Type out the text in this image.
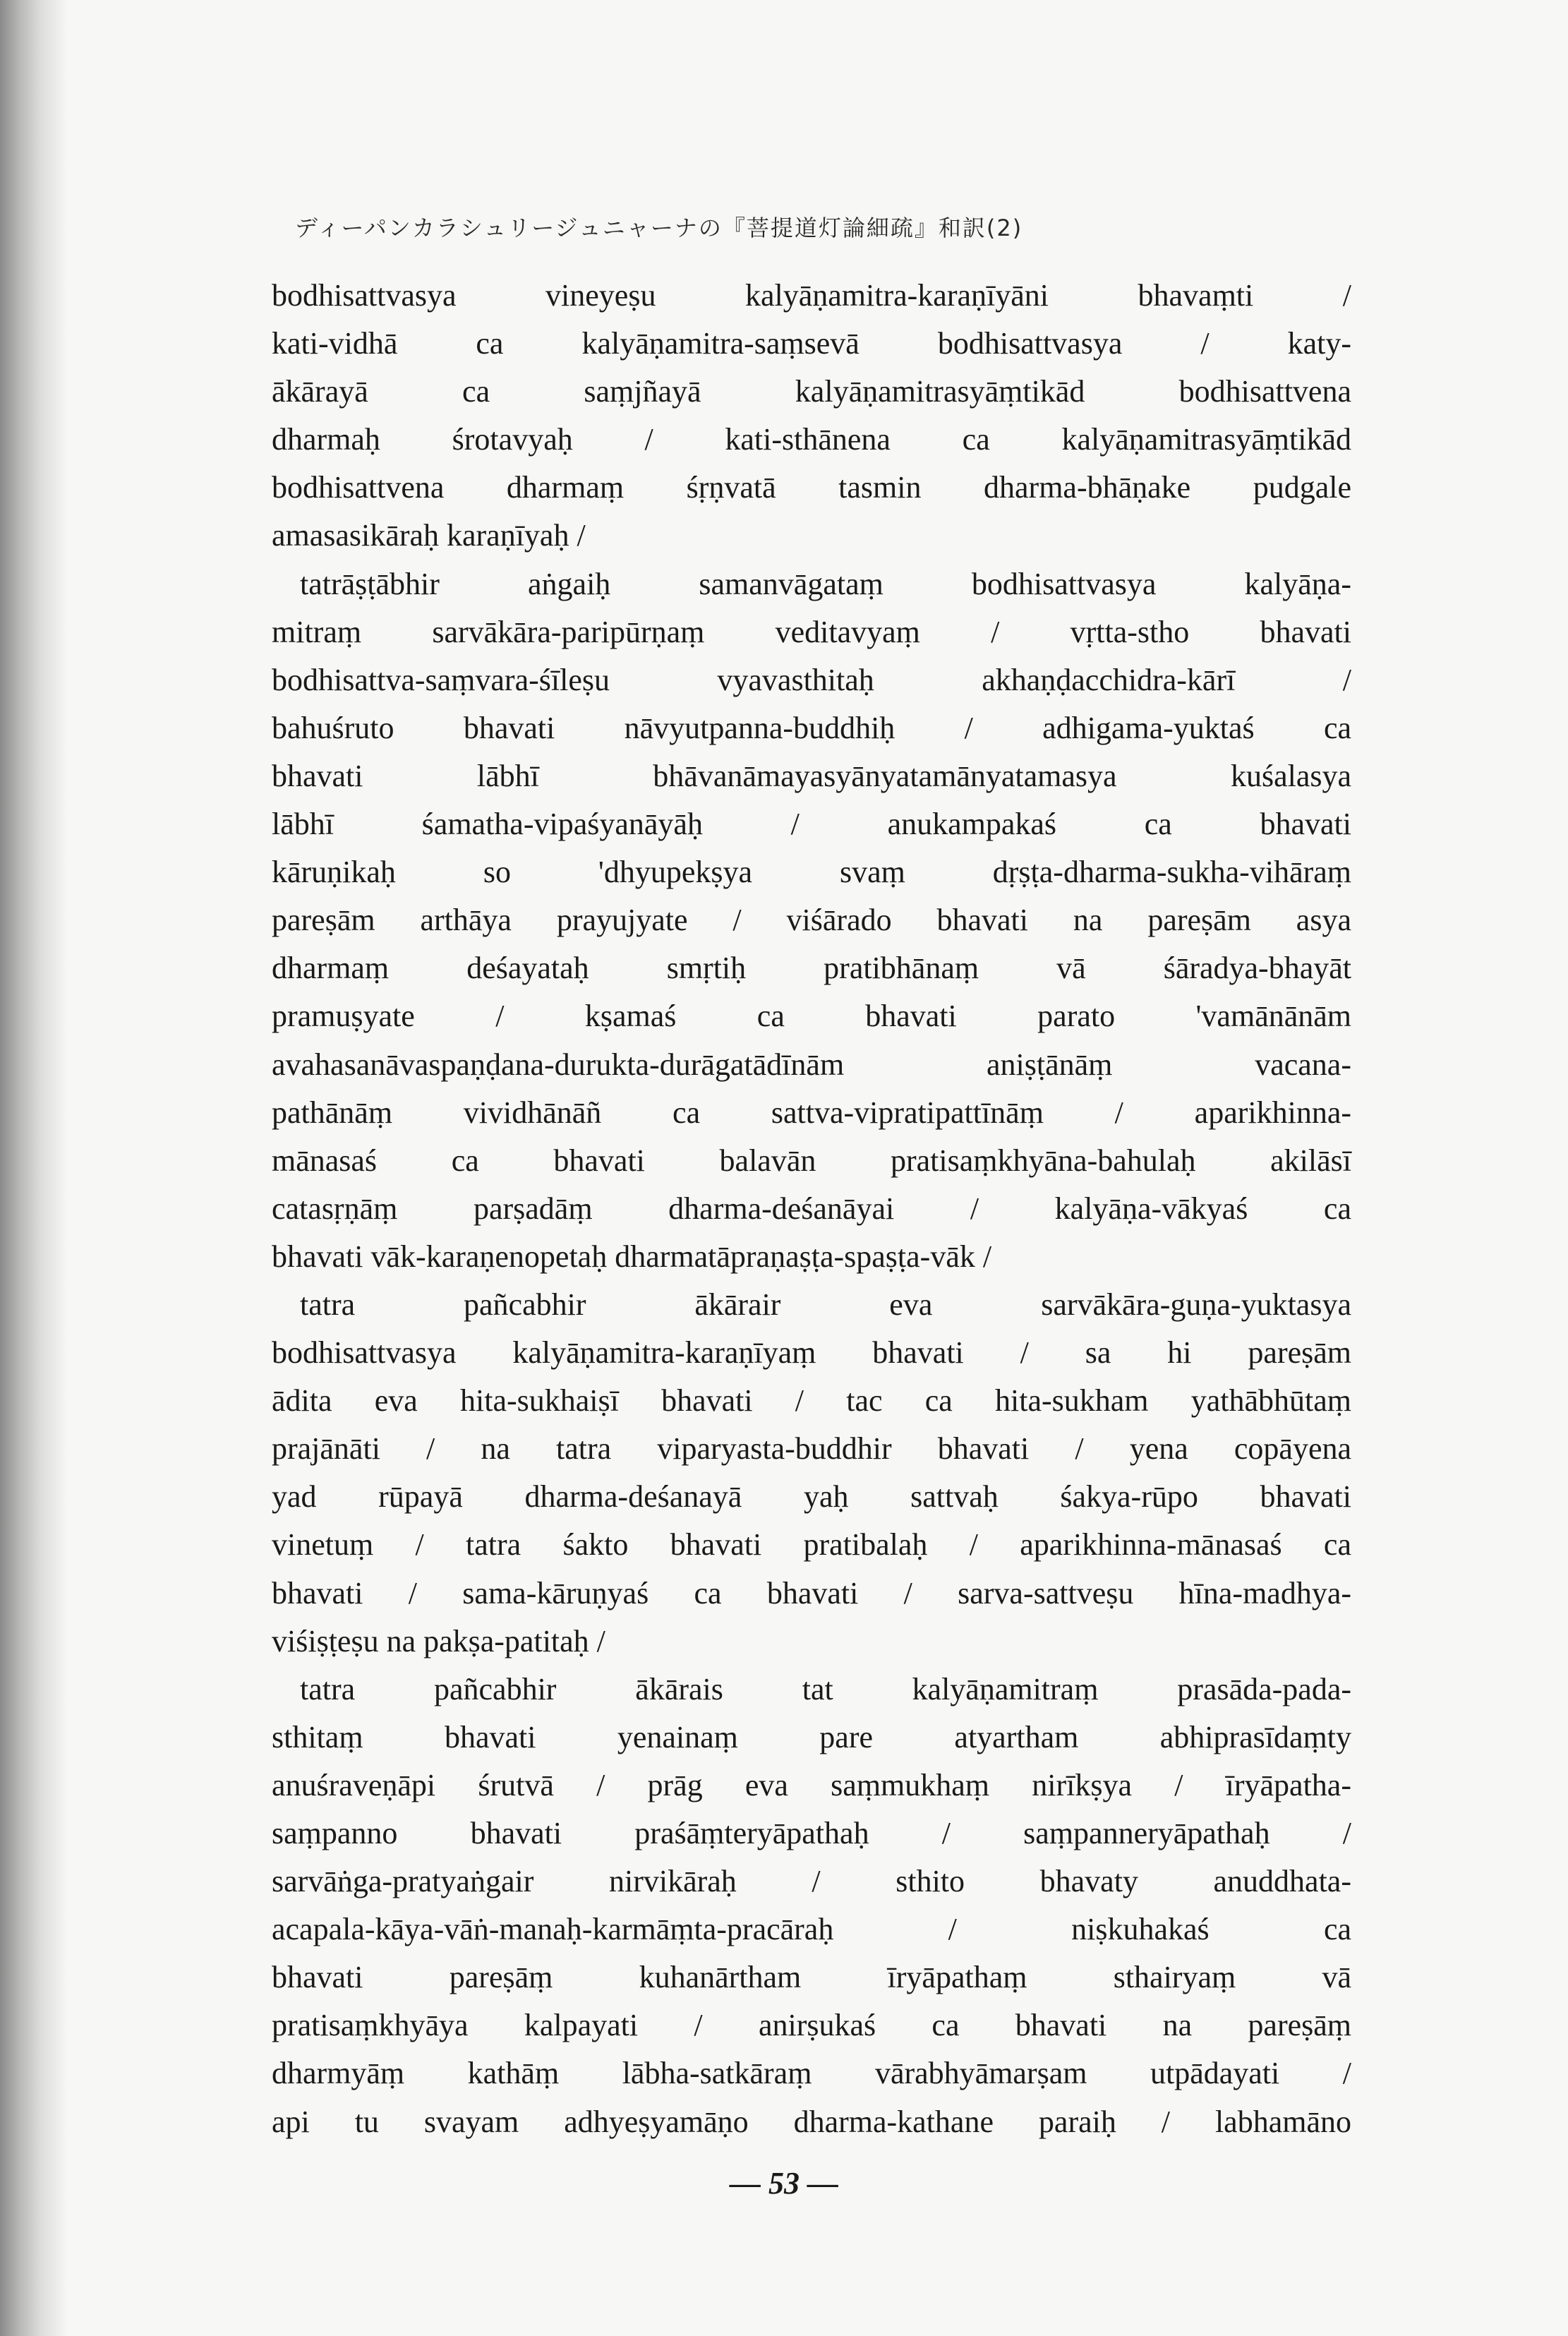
ディーパンカラシュリージュニャーナの『菩提道灯論細疏』和訳(2)
bodhisattvasya vineyeṣu kalyāṇamitra-karaṇīyāni bhavaṃti /
kati-vidhā ca kalyāṇamitra-saṃsevā bodhisattvasya / katy-
ākārayā ca saṃjñayā kalyāṇamitrasyāṃtikād bodhisattvena
dharmaḥ śrotavyaḥ / kati-sthānena ca kalyāṇamitrasyāṃtikād
bodhisattvena dharmaṃ śṛṇvatā tasmin dharma-bhāṇake pudgale
amasasikāraḥ karaṇīyaḥ /
tatrāṣṭābhir aṅgaiḥ samanvāgataṃ bodhisattvasya kalyāṇa-
mitraṃ sarvākāra-paripūrṇaṃ veditavyaṃ / vṛtta-stho bhavati
bodhisattva-saṃvara-śīleṣu vyavasthitaḥ akhaṇḍacchidra-kārī /
bahuśruto bhavati nāvyutpanna-buddhiḥ / adhigama-yuktaś ca
bhavati lābhī bhāvanāmayasyānyatamānyatamasya kuśalasya
lābhī śamatha-vipaśyanāyāḥ / anukampakaś ca bhavati
kāruṇikaḥ so 'dhyupekṣya svaṃ dṛṣṭa-dharma-sukha-vihāraṃ
pareṣām arthāya prayujyate / viśārado bhavati na pareṣām asya
dharmaṃ deśayataḥ smṛtiḥ pratibhānaṃ vā śāradya-bhayāt
pramuṣyate / kṣamaś ca bhavati parato 'vamānānām
avahasanāvaspaṇḍana-durukta-durāgatādīnām aniṣṭānāṃ vacana-
pathānāṃ vividhānāñ ca sattva-vipratipattīnāṃ / aparikhinna-
mānasaś ca bhavati balavān pratisaṃkhyāna-bahulaḥ akilāsī
catasṛṇāṃ parṣadāṃ dharma-deśanāyai / kalyāṇa-vākyaś ca
bhavati vāk-karaṇenopetaḥ dharmatāpraṇaṣṭa-spaṣṭa-vāk /
tatra pañcabhir ākārair eva sarvākāra-guṇa-yuktasya
bodhisattvasya kalyāṇamitra-karaṇīyaṃ bhavati / sa hi pareṣām
ādita eva hita-sukhaiṣī bhavati / tac ca hita-sukham yathābhūtaṃ
prajānāti / na tatra viparyasta-buddhir bhavati / yena copāyena
yad rūpayā dharma-deśanayā yaḥ sattvaḥ śakya-rūpo bhavati
vinetuṃ / tatra śakto bhavati pratibalaḥ / aparikhinna-mānasaś ca
bhavati / sama-kāruṇyaś ca bhavati / sarva-sattveṣu hīna-madhya-
viśiṣṭeṣu na pakṣa-patitaḥ /
tatra pañcabhir ākārais tat kalyāṇamitraṃ prasāda-pada-
sthitaṃ bhavati yenainaṃ pare atyartham abhiprasīdaṃty
anuśraveṇāpi śrutvā / prāg eva saṃmukhaṃ nirīkṣya / īryāpatha-
saṃpanno bhavati praśāṃteryāpathaḥ / saṃpanneryāpathaḥ /
sarvāṅga-pratyaṅgair nirvikāraḥ / sthito bhavaty anuddhata-
acapala-kāya-vāṅ-manaḥ-karmāṃta-pracāraḥ / niṣkuhakaś ca
bhavati pareṣāṃ kuhanārtham īryāpathaṃ sthairyaṃ vā
pratisaṃkhyāya kalpayati / anirṣukaś ca bhavati na pareṣāṃ
dharmyāṃ kathāṃ lābha-satkāraṃ vārabhyāmarṣam utpādayati /
api tu svayam adhyeṣyamāṇo dharma-kathane paraiḥ / labhamāno
— 53 —
